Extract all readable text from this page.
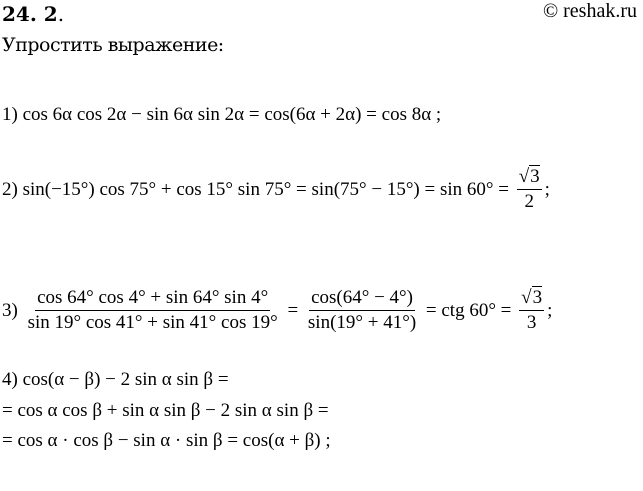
24. 2.	© reshak.ru
Упростить выражение:
1) cos 6α cos 2α − sin 6α sin 2α = cos(6α + 2α) = cos 8α ;
2) sin(−15°) cos 75° + cos 15° $\sin 75^\circ = \sin(75^\circ - 15^\circ) = \sin 60^\circ = \frac{√3}{2}$ ;
$3) \frac{\cos 64^\circ \cos 4^\circ + \sin 64^\circ \sin 4^\circ}{\sin 19^\circ \cos 41^\circ + \sin 41^\circ \cos 19^\circ} = \frac{\cos(64^\circ - 4^\circ)}{\sin(19^\circ + 41^\circ)}$ = ctg $60^\circ = \frac{√3}{3}$ ;
4) cos(α − β) − 2 sin α sin β =
= cos α cos β + sin α sin β − 2 sin α sin β =
= cos α · cos β − sin α · sin β = cos(α + β) ;
